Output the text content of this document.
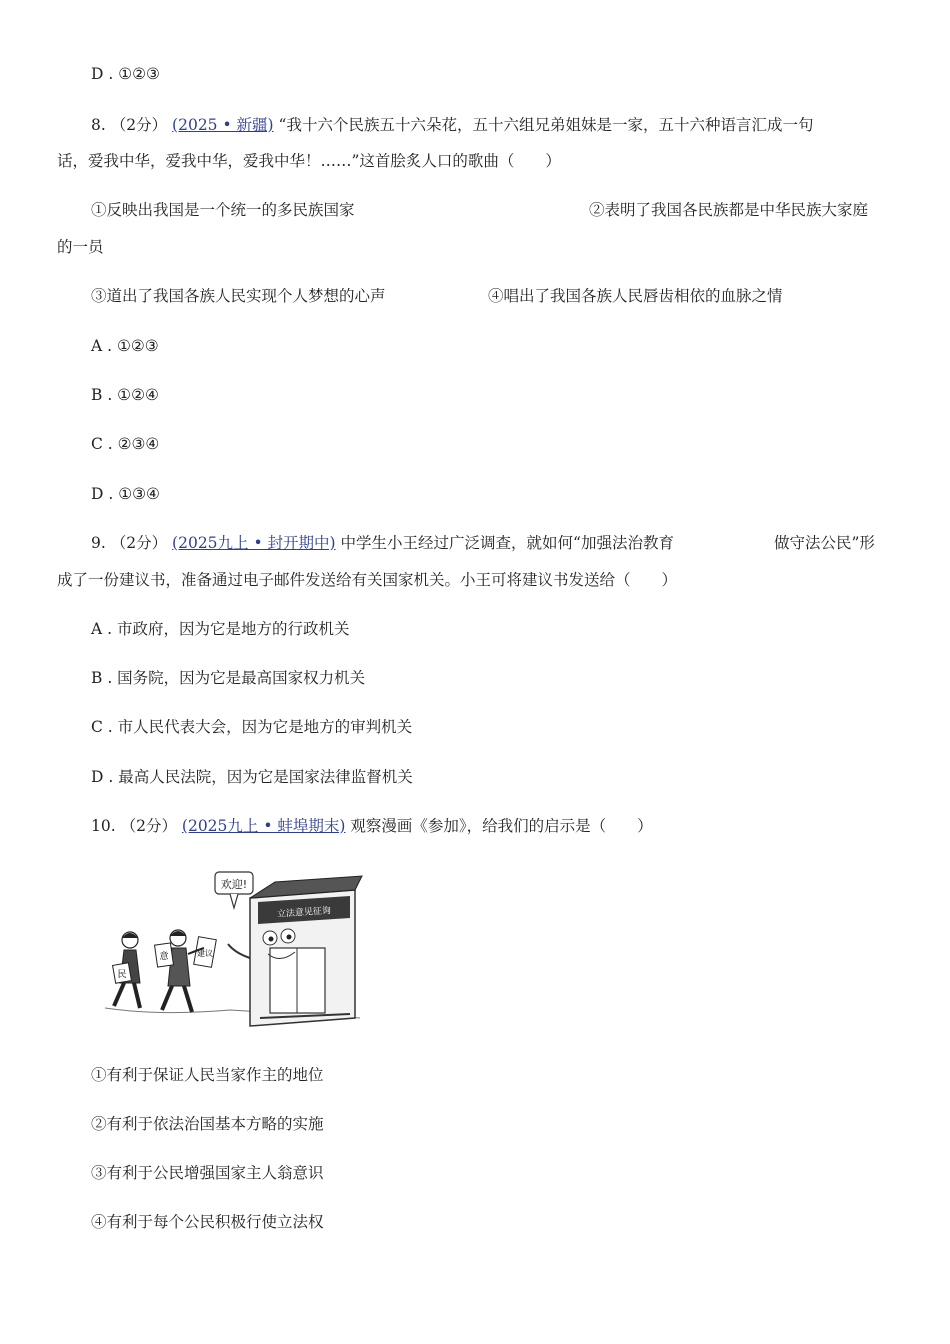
D . ①②③
8. （2分） (2025 • 新疆) “我十六个民族五十六朵花，五十六组兄弟姐妹是一家，五十六种语言汇成一句
话，爱我中华，爱我中华，爱我中华！……”这首脍炙人口的歌曲（　　）
①反映出我国是一个统一的多民族国家	②表明了我国各民族都是中华民族大家庭
的一员
③道出了我国各族人民实现个人梦想的心声	④唱出了我国各族人民唇齿相依的血脉之情
A . ①②③
B . ①②④
C . ②③④
D . ①③④
9. （2分） (2025九上 • 封开期中) 中学生小王经过广泛调查，就如何“加强法治教育	做守法公民”形
成了一份建议书，准备通过电子邮件发送给有关国家机关。小王可将建议书发送给（　　）
A . 市政府，因为它是地方的行政机关
B . 国务院，因为它是最高国家权力机关
C . 市人民代表大会，因为它是地方的审判机关
D . 最高人民法院，因为它是国家法律监督机关
10. （2分） (2025九上 • 蚌埠期末) 观察漫画《参加》，给我们的启示是（　　）
立法意见征询
欢迎!
民
意	建议
①有利于保证人民当家作主的地位
②有利于依法治国基本方略的实施
③有利于公民增强国家主人翁意识
④有利于每个公民积极行使立法权
